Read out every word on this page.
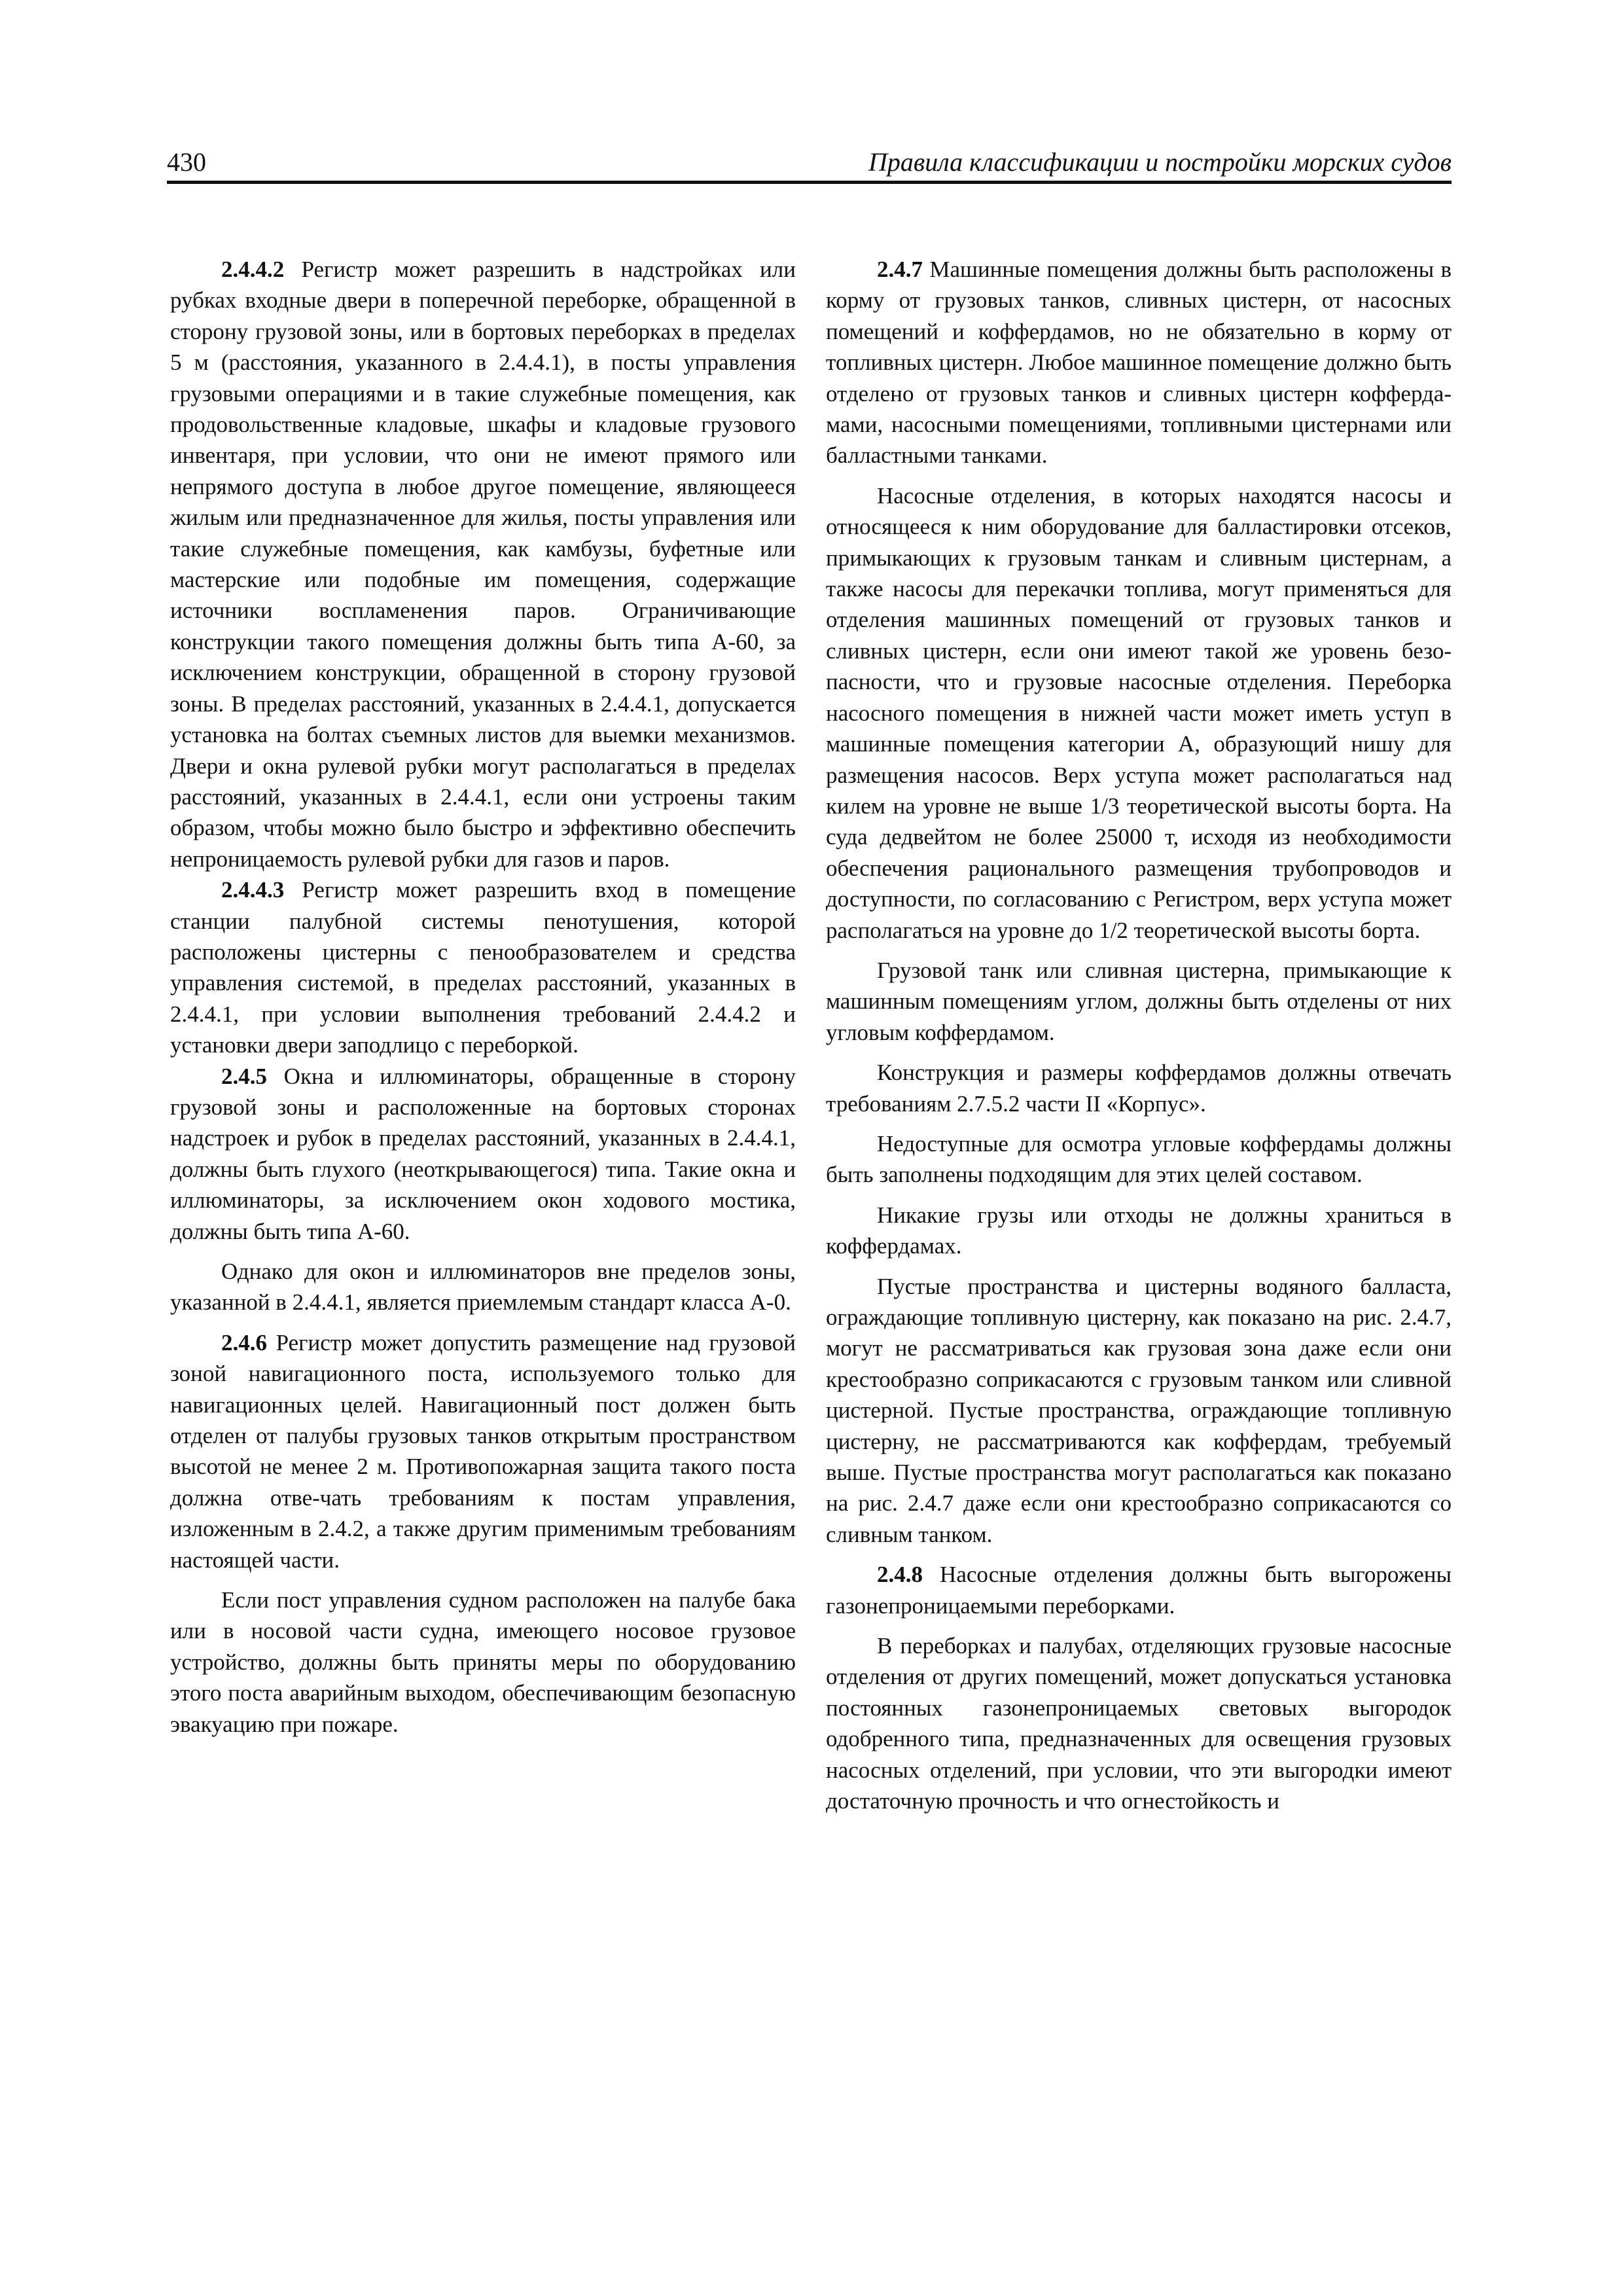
430	Правила классификации и постройки морских судов

2.4.4.2 Регистр может разрешить в надстройках или рубках входные двери в поперечной переборке, обращенной в сторону грузовой зоны, или в бортовых переборках в пределах 5 м (расстояния, указанного в 2.4.4.1), в посты управления грузовыми операциями и в такие служебные помещения, как продовольственные кладовые, шкафы и кладовые грузового инвентаря, при условии, что они не имеют прямого или непрямого доступа в любое другое помещение, являющееся жилым или предназначенное для жилья, посты управления или такие служебные помещения, как камбузы, буфетные или мастерские или подобные им помещения, содержащие источники воспламенения паров. Ограничивающие конструкции такого помещения должны быть типа А-60, за исключением конструкции, обращенной в сторону грузовой зоны. В пределах расстояний, указанных в 2.4.4.1, допускается установка на болтах съемных листов для выемки механизмов. Двери и окна рулевой рубки могут располагаться в пределах расстояний, указанных в 2.4.4.1, если они устроены таким образом, чтобы можно было быстро и эффективно обеспечить непроницаемость рулевой рубки для газов и паров.

2.4.4.3 Регистр может разрешить вход в помещение станции палубной системы пенотушения, которой расположены цистерны с пенообразователем и средства управления системой, в пределах расстояний, указанных в 2.4.4.1, при условии выполнения требований 2.4.4.2 и установки двери заподлицо с переборкой.

2.4.5 Окна и иллюминаторы, обращенные в сторону грузовой зоны и расположенные на бортовых сторонах надстроек и рубок в пределах расстояний, указанных в 2.4.4.1, должны быть глухого (неоткрывающегося) типа. Такие окна и иллюминаторы, за исключением окон ходового мостика, должны быть типа А-60.

Однако для окон и иллюминаторов вне пределов зоны, указанной в 2.4.4.1, является приемлемым стандарт класса А-0.

2.4.6 Регистр может допустить размещение над грузовой зоной навигационного поста, используемого только для навигационных целей. Навигационный пост должен быть отделен от палубы грузовых танков открытым пространством высотой не менее 2 м. Противопожарная защита такого поста должна отве-чать требованиям к постам управления, изложенным в 2.4.2, а также другим применимым требованиям настоящей части.

Если пост управления судном расположен на палубе бака или в носовой части судна, имеющего носовое грузовое устройство, должны быть приняты меры по оборудованию этого поста аварийным выходом, обеспечивающим безопасную эвакуацию при пожаре.

2.4.7 Машинные помещения должны быть расположены в корму от грузовых танков, сливных цистерн, от насосных помещений и коффердамов, но не обязательно в корму от топливных цистерн. Любое машинное помещение должно быть отделено от грузовых танков и сливных цистерн коффердамами, насосными помещениями, топливными цистернами или балластными танками.

Насосные отделения, в которых находятся насосы и относящееся к ним оборудование для балластировки отсеков, примыкающих к грузовым танкам и сливным цистернам, а также насосы для перекачки топлива, могут применяться для отделения машинных помещений от грузовых танков и сливных цистерн, если они имеют такой же уровень безопасности, что и грузовые насосные отделения. Переборка насосного помещения в нижней части может иметь уступ в машинные помещения категории А, образующий нишу для размещения насосов. Верх уступа может располагаться над килем на уровне не выше 1/3 теоретической высоты борта. На суда дедвейтом не более 25000 т, исходя из необходимости обеспечения рационального размещения трубопроводов и доступности, по согласованию с Регистром, верх уступа может располагаться на уровне до 1/2 теоретической высоты борта.

Грузовой танк или сливная цистерна, примыкающие к машинным помещениям углом, должны быть отделены от них угловым коффердамом.

Конструкция и размеры коффердамов должны отвечать требованиям 2.7.5.2 части II «Корпус».

Недоступные для осмотра угловые коффердамы должны быть заполнены подходящим для этих целей составом.

Никакие грузы или отходы не должны храниться в коффердамах.

Пустые пространства и цистерны водяного балласта, ограждающие топливную цистерну, как показано на рис. 2.4.7, могут не рассматриваться как грузовая зона даже если они крестообразно соприкасаются с грузовым танком или сливной цистерной. Пустые пространства, ограждающие топливную цистерну, не рассматриваются как коффердам, требуемый выше. Пустые пространства могут располагаться как показано на рис. 2.4.7 даже если они крестообразно соприкасаются со сливным танком.

2.4.8 Насосные отделения должны быть выгорожены газонепроницаемыми переборками.

В переборках и палубах, отделяющих грузовые насосные отделения от других помещений, может допускаться установка постоянных газонепроницаемых световых выгородок одобренного типа, предназначенных для освещения грузовых насосных отделений, при условии, что эти выгородки имеют достаточную прочность и что огнестойкость и
